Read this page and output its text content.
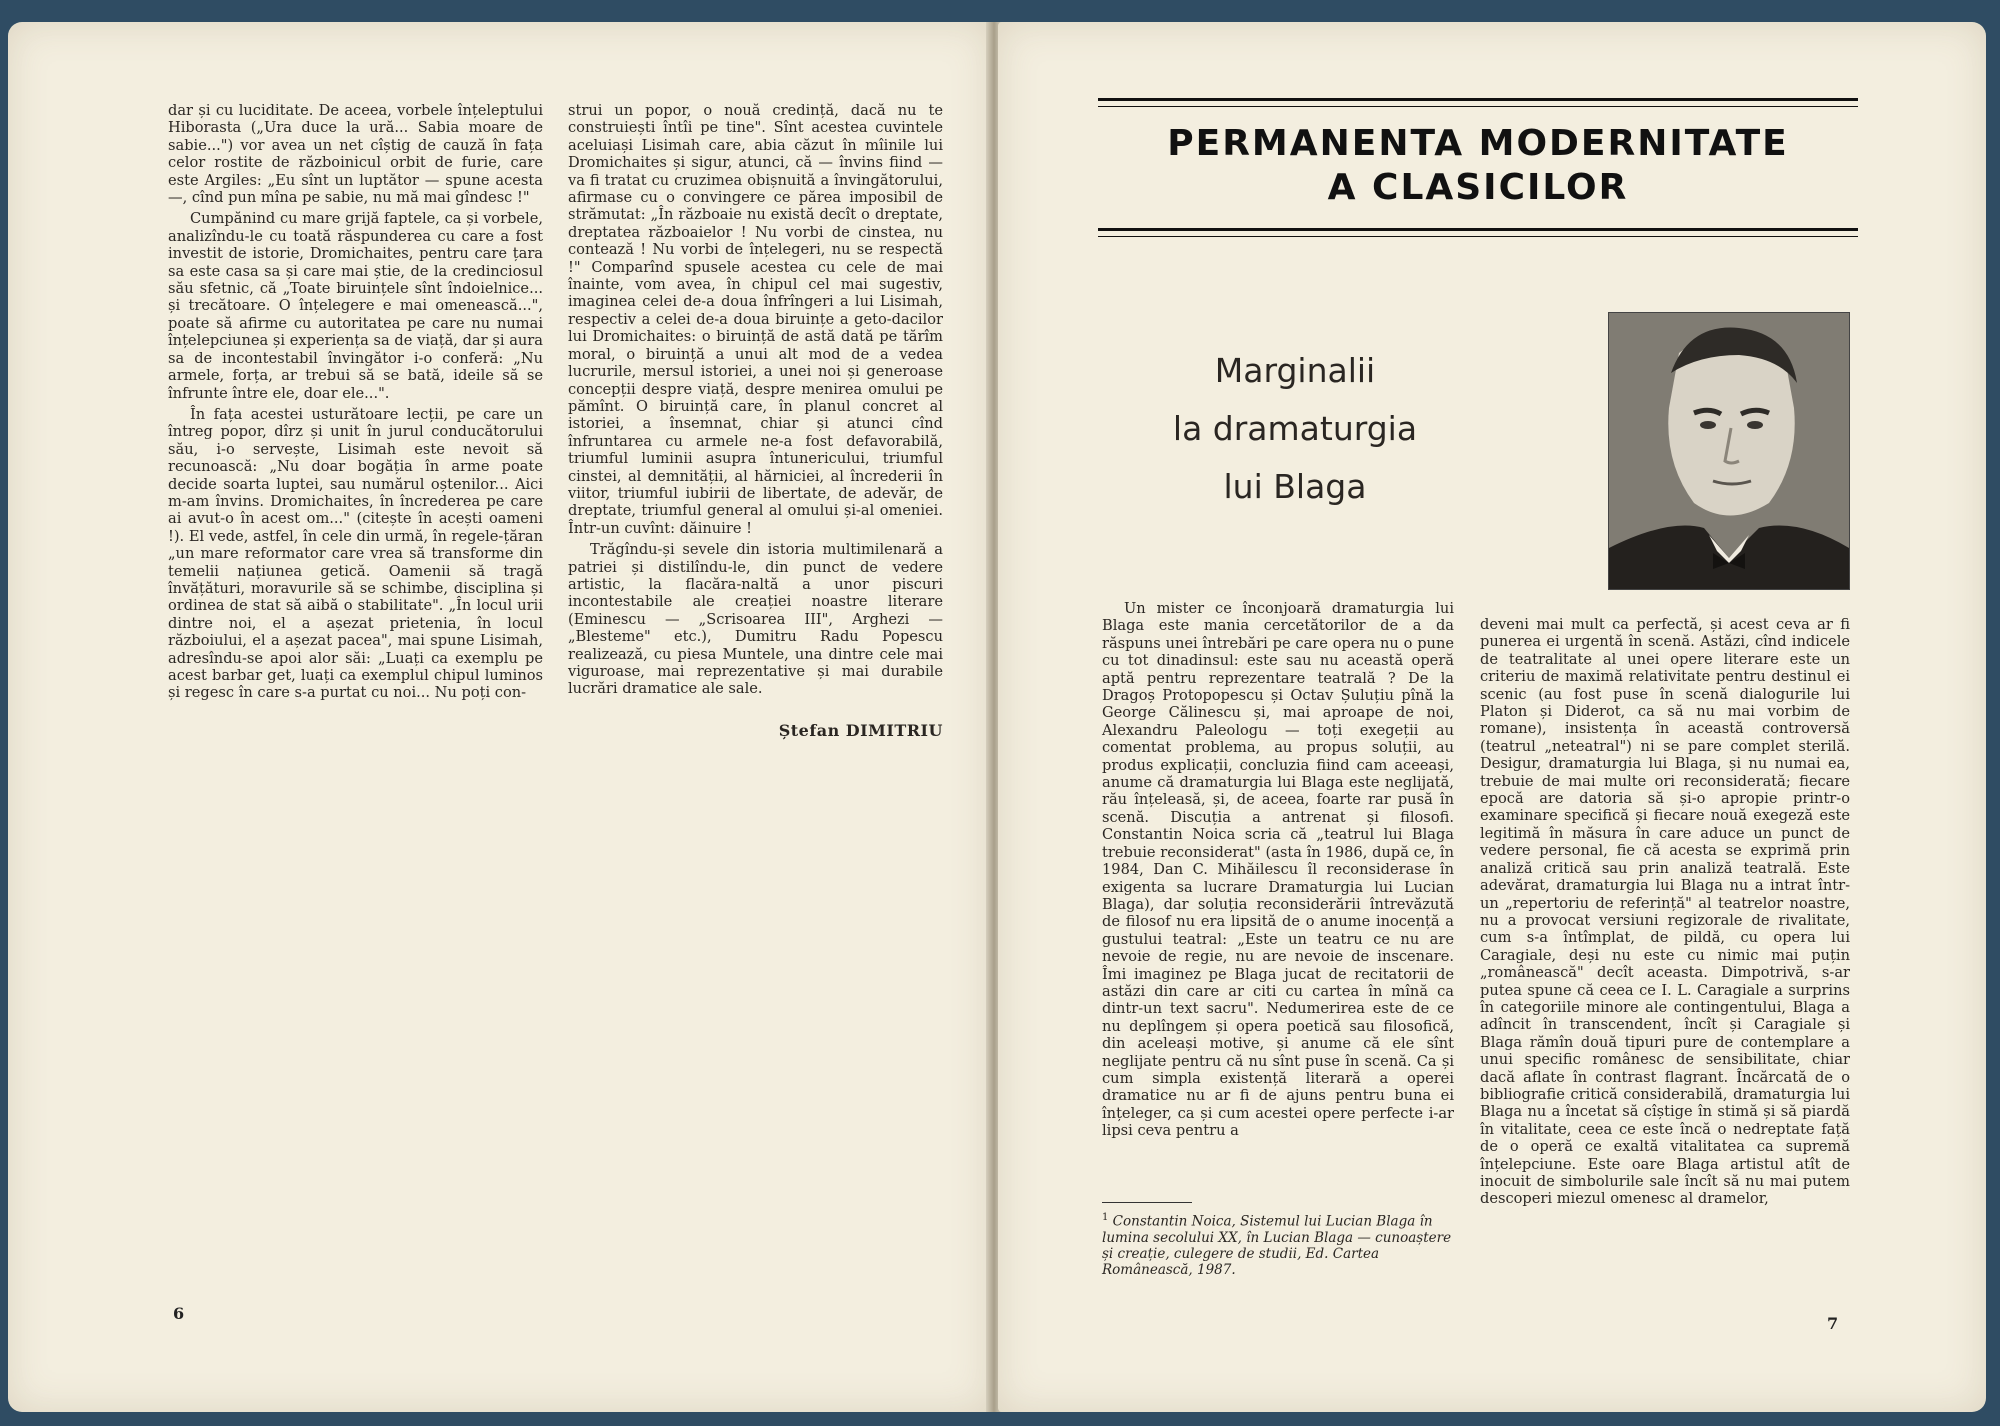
dar și cu luciditate. De aceea, vorbele înțeleptului Hiborasta („Ura duce la ură... Sabia moare de sabie...") vor avea un net cîștig de cauză în fața celor rostite de războinicul orbit de furie, care este Argiles: „Eu sînt un luptător — spune acesta —, cînd pun mîna pe sabie, nu mă mai gîndesc !"

Cumpănind cu mare grijă faptele, ca și vorbele, analizîndu-le cu toată răspunderea cu care a fost investit de istorie, Dromichaites, pentru care țara sa este casa sa și care mai știe, de la credinciosul său sfetnic, că „Toate biruințele sînt îndoielnice... și trecătoare. O înțelegere e mai omenească...", poate să afirme cu autoritatea pe care nu numai înțelepciunea și experiența sa de viață, dar și aura sa de incontestabil învingător i-o conferă: „Nu armele, forța, ar trebui să se bată, ideile să se înfrunte între ele, doar ele...".

În fața acestei usturătoare lecții, pe care un întreg popor, dîrz și unit în jurul conducătorului său, i-o servește, Lisimah este nevoit să recunoască: „Nu doar bogăția în arme poate decide soarta luptei, sau numărul oștenilor... Aici m-am învins. Dromichaites, în încrederea pe care ai avut-o în acest om..." (citește în acești oameni !). El vede, astfel, în cele din urmă, în regele-țăran „un mare reformator care vrea să transforme din temelii națiunea getică. Oamenii să tragă învățături, moravurile să se schimbe, disciplina și ordinea de stat să aibă o stabilitate". „În locul urii dintre noi, el a așezat prietenia, în locul războiului, el a așezat pacea", mai spune Lisimah, adresîndu-se apoi alor săi: „Luați ca exemplu pe acest barbar get, luați ca exemplul chipul luminos și regesc în care s-a purtat cu noi... Nu poți con-

strui un popor, o nouă credință, dacă nu te construiești întîi pe tine". Sînt acestea cuvintele aceluiași Lisimah care, abia căzut în mîinile lui Dromichaites și sigur, atunci, că — învins fiind — va fi tratat cu cruzimea obișnuită a învingătorului, afirmase cu o convingere ce părea imposibil de strămutat: „În războaie nu există decît o dreptate, dreptatea războaielor ! Nu vorbi de cinstea, nu contează ! Nu vorbi de înțelegeri, nu se respectă !" Comparînd spusele acestea cu cele de mai înainte, vom avea, în chipul cel mai sugestiv, imaginea celei de-a doua înfrîngeri a lui Lisimah, respectiv a celei de-a doua biruințe a geto-dacilor lui Dromichaites: o biruință de astă dată pe tărîm moral, o biruință a unui alt mod de a vedea lucrurile, mersul istoriei, a unei noi și generoase concepții despre viață, despre menirea omului pe pămînt. O biruință care, în planul concret al istoriei, a însemnat, chiar și atunci cînd înfruntarea cu armele ne-a fost defavorabilă, triumful luminii asupra întunericului, triumful cinstei, al demnității, al hărniciei, al încrederii în viitor, triumful iubirii de libertate, de adevăr, de dreptate, triumful general al omului și-al omeniei. Într-un cuvînt: dăinuire !

Trăgîndu-și sevele din istoria multimilenară a patriei și distilîndu-le, din punct de vedere artistic, la flacăra-naltă a unor piscuri incontestabile ale creației noastre literare (Eminescu — „Scrisoarea III", Arghezi — „Blesteme" etc.), Dumitru Radu Popescu realizează, cu piesa Muntele, una dintre cele mai viguroase, mai reprezentative și mai durabile lucrări dramatice ale sale.

Ștefan DIMITRIU
6
PERMANENTA MODERNITATE
A CLASICILOR
Marginalii
la dramaturgia
lui Blaga

Un mister ce înconjoară dramaturgia lui Blaga este mania cercetătorilor de a da răspuns unei întrebări pe care opera nu o pune cu tot dinadinsul: este sau nu această operă aptă pentru reprezentare teatrală ? De la Dragoș Protopopescu și Octav Șuluțiu pînă la George Călinescu și, mai aproape de noi, Alexandru Paleologu — toți exegeții au comentat problema, au propus soluții, au produs explicații, concluzia fiind cam aceeași, anume că dramaturgia lui Blaga este neglijată, rău înțeleasă, și, de aceea, foarte rar pusă în scenă. Discuția a antrenat și filosofi. Constantin Noica scria că „teatrul lui Blaga trebuie reconsiderat" (asta în 1986, după ce, în 1984, Dan C. Mihăilescu îl reconsiderase în exigenta sa lucrare Dramaturgia lui Lucian Blaga), dar soluția reconsiderării întrevăzută de filosof nu era lipsită de o anume inocență a gustului teatral: „Este un teatru ce nu are nevoie de regie, nu are nevoie de inscenare. Îmi imaginez pe Blaga jucat de recitatorii de astăzi din care ar citi cu cartea în mînă ca dintr-un text sacru". Nedumerirea este de ce nu deplîngem și opera poetică sau filosofică, din aceleași motive, și anume că ele sînt neglijate pentru că nu sînt puse în scenă. Ca și cum simpla existență literară a operei dramatice nu ar fi de ajuns pentru buna ei înțeleger, ca și cum acestei opere perfecte i-ar lipsi ceva pentru a

$^1$ Constantin Noica, Sistemul lui Lucian Blaga în lumina secolului XX, în Lucian Blaga — cunoaștere și creație, culegere de studii, Ed. Cartea Românească, 1987.

deveni mai mult ca perfectă, și acest ceva ar fi punerea ei urgentă în scenă. Astăzi, cînd indicele de teatralitate al unei opere literare este un criteriu de maximă relativitate pentru destinul ei scenic (au fost puse în scenă dialogurile lui Platon și Diderot, ca să nu mai vorbim de romane), insistența în această controversă (teatrul „neteatral") ni se pare complet sterilă. Desigur, dramaturgia lui Blaga, și nu numai ea, trebuie de mai multe ori reconsiderată; fiecare epocă are datoria să și-o apropie printr-o examinare specifică și fiecare nouă exegeză este legitimă în măsura în care aduce un punct de vedere personal, fie că acesta se exprimă prin analiză critică sau prin analiză teatrală. Este adevărat, dramaturgia lui Blaga nu a intrat într-un „repertoriu de referință" al teatrelor noastre, nu a provocat versiuni regizorale de rivalitate, cum s-a întîmplat, de pildă, cu opera lui Caragiale, deși nu este cu nimic mai puțin „românească" decît aceasta. Dimpotrivă, s-ar putea spune că ceea ce I. L. Caragiale a surprins în categoriile minore ale contingentului, Blaga a adîncit în transcendent, încît și Caragiale și Blaga rămîn două tipuri pure de contemplare a unui specific românesc de sensibilitate, chiar dacă aflate în contrast flagrant. Încărcată de o bibliografie critică considerabilă, dramaturgia lui Blaga nu a încetat să cîștige în stimă și să piardă în vitalitate, ceea ce este încă o nedreptate față de o operă ce exaltă vitalitatea ca supremă înțelepciune. Este oare Blaga artistul atît de inocuit de simbolurile sale încît să nu mai putem descoperi miezul omenesc al dramelor,

7
